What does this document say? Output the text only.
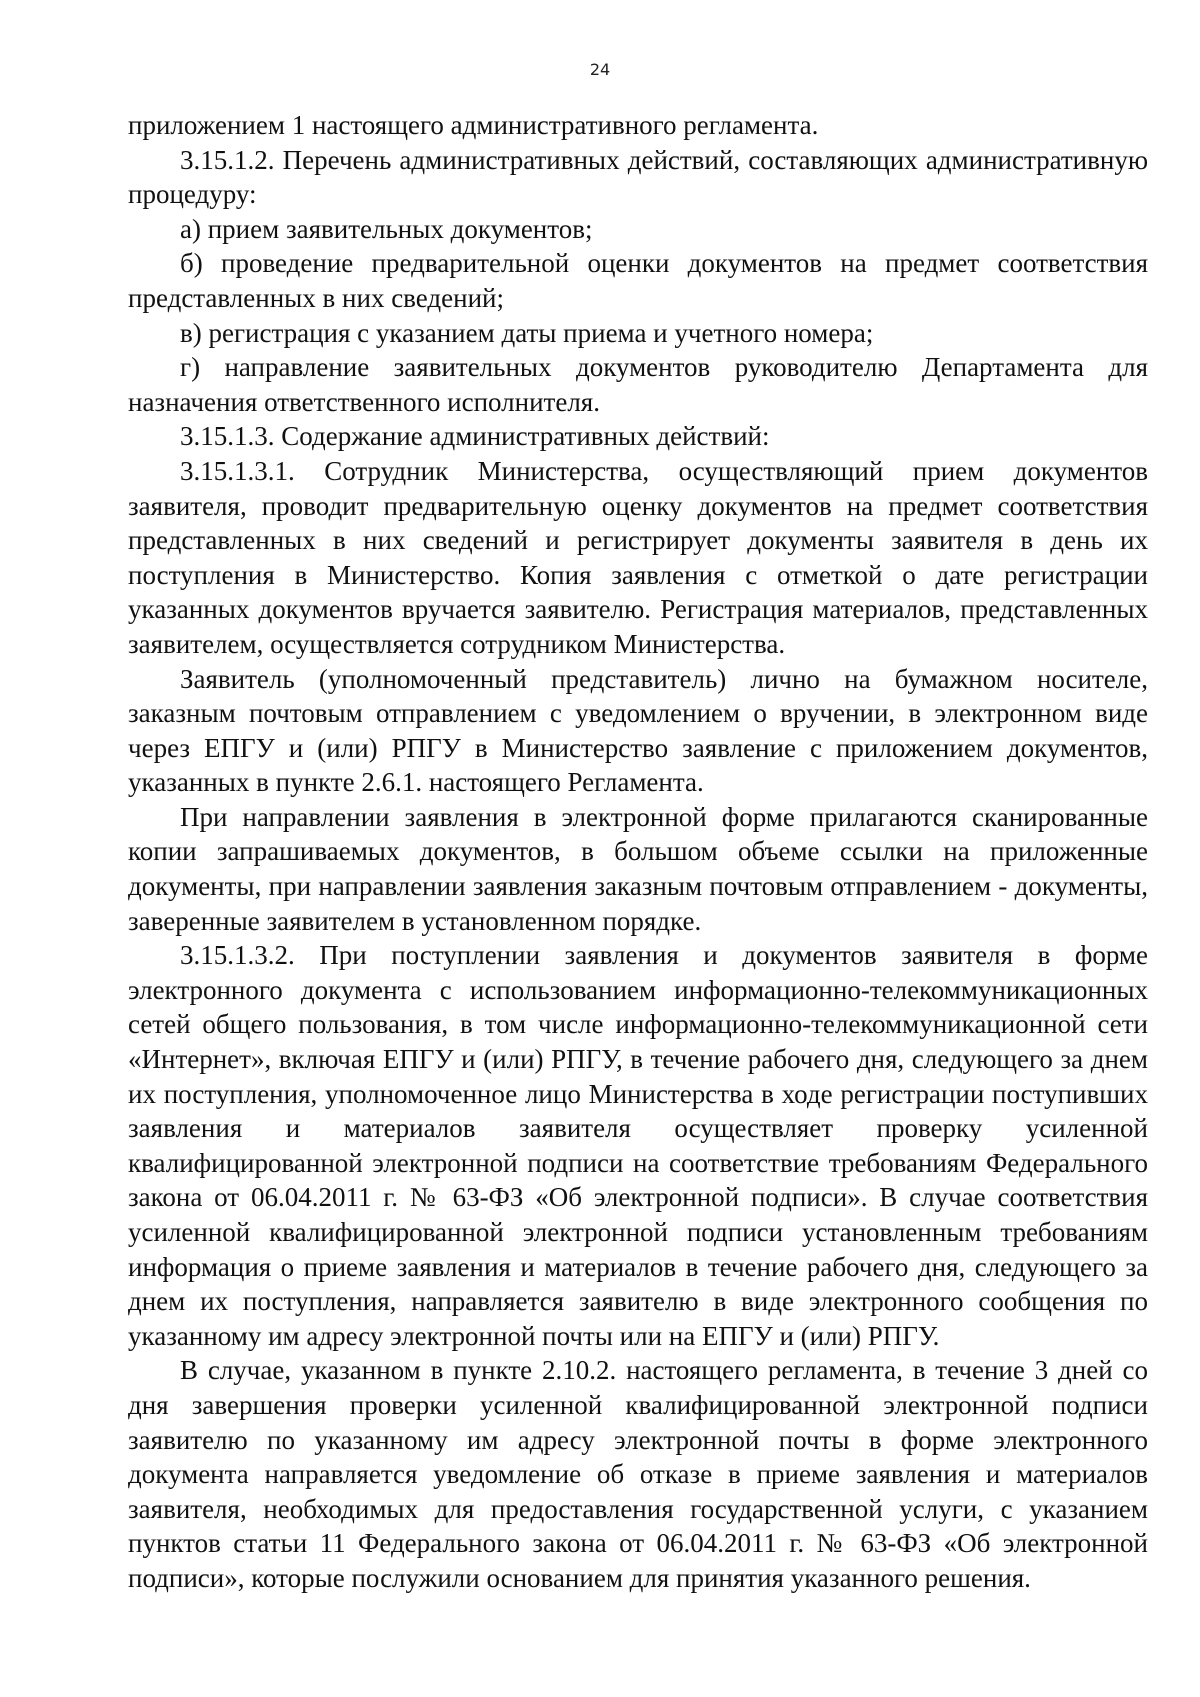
24

приложением 1 настоящего административного регламента.

3.15.1.2. Перечень административных действий, составляющих административную процедуру:

а) прием заявительных документов;

б) проведение предварительной оценки документов на предмет соответствия представленных в них сведений;

в) регистрация с указанием даты приема и учетного номера;

г) направление заявительных документов руководителю Департамента для назначения ответственного исполнителя.

3.15.1.3. Содержание административных действий:

3.15.1.3.1. Сотрудник Министерства, осуществляющий прием документов заявителя, проводит предварительную оценку документов на предмет соответствия представленных в них сведений и регистрирует документы заявителя в день их поступления в Министерство. Копия заявления с отметкой о дате регистрации указанных документов вручается заявителю. Регистрация материалов, представленных заявителем, осуществляется сотрудником Министерства.

Заявитель (уполномоченный представитель) лично на бумажном носителе, заказным почтовым отправлением с уведомлением о вручении, в электронном виде через ЕПГУ и (или) РПГУ в Министерство заявление с приложением документов, указанных в пункте 2.6.1. настоящего Регламента.

При направлении заявления в электронной форме прилагаются сканированные копии запрашиваемых документов, в большом объеме ссылки на приложенные документы, при направлении заявления заказным почтовым отправлением - документы, заверенные заявителем в установленном порядке.

3.15.1.3.2. При поступлении заявления и документов заявителя в форме электронного документа с использованием информационно-телекоммуникационных сетей общего пользования, в том числе информационно-телекоммуникационной сети «Интернет», включая ЕПГУ и (или) РПГУ, в течение рабочего дня, следующего за днем их поступления, уполномоченное лицо Министерства в ходе регистрации поступивших заявления и материалов заявителя осуществляет проверку усиленной квалифицированной электронной подписи на соответствие требованиям Федерального закона от 06.04.2011 г. № 63-ФЗ «Об электронной подписи». В случае соответствия усиленной квалифицированной электронной подписи установленным требованиям информация о приеме заявления и материалов в течение рабочего дня, следующего за днем их поступления, направляется заявителю в виде электронного сообщения по указанному им адресу электронной почты или на ЕПГУ и (или) РПГУ.

В случае, указанном в пункте 2.10.2. настоящего регламента, в течение 3 дней со дня завершения проверки усиленной квалифицированной электронной подписи заявителю по указанному им адресу электронной почты в форме электронного документа направляется уведомление об отказе в приеме заявления и материалов заявителя, необходимых для предоставления государственной услуги, с указанием пунктов статьи 11 Федерального закона от 06.04.2011 г. № 63-ФЗ «Об электронной подписи», которые послужили основанием для принятия указанного решения.
